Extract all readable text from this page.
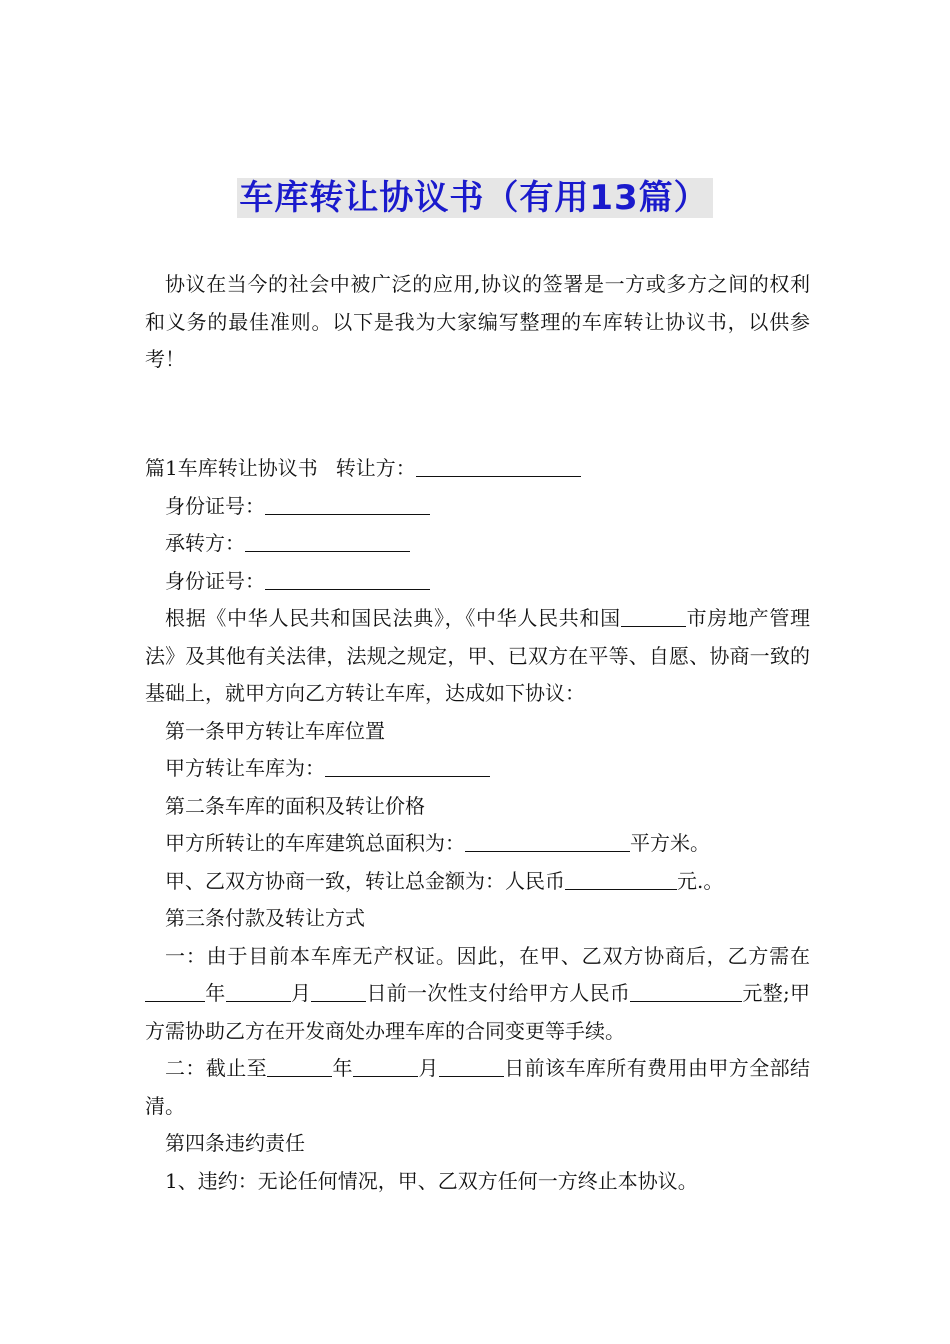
车库转让协议书（有用13篇）

协议在当今的社会中被广泛的应用,协议的签署是一方或多方之间的权利和义务的最佳准则。以下是我为大家编写整理的车库转让协议书，以供参考！

篇1车库转让协议书 转让方：

身份证号：

承转方：

身份证号：

根据《中华人民共和国民法典》，《中华人民共和国	市房地产管理法》及其他有关法律，法规之规定，甲、已双方在平等、自愿、协商一致的基础上，就甲方向乙方转让车库，达成如下协议：

第一条甲方转让车库位置

甲方转让车库为：

第二条车库的面积及转让价格

甲方所转让的车库建筑总面积为：	平方米。

甲、乙双方协商一致，转让总金额为：人民币	元.。

第三条付款及转让方式

一：由于目前本车库无产权证。因此，在甲、乙双方协商后，乙方需在年	月	日前一次性支付给甲方人民币	元整;甲方需协助乙方在开发商处办理车库的合同变更等手续。

二：截止至	年	月	日前该车库所有费用由甲方全部结清。

第四条违约责任

1、违约：无论任何情况，甲、乙双方任何一方终止本协议。
